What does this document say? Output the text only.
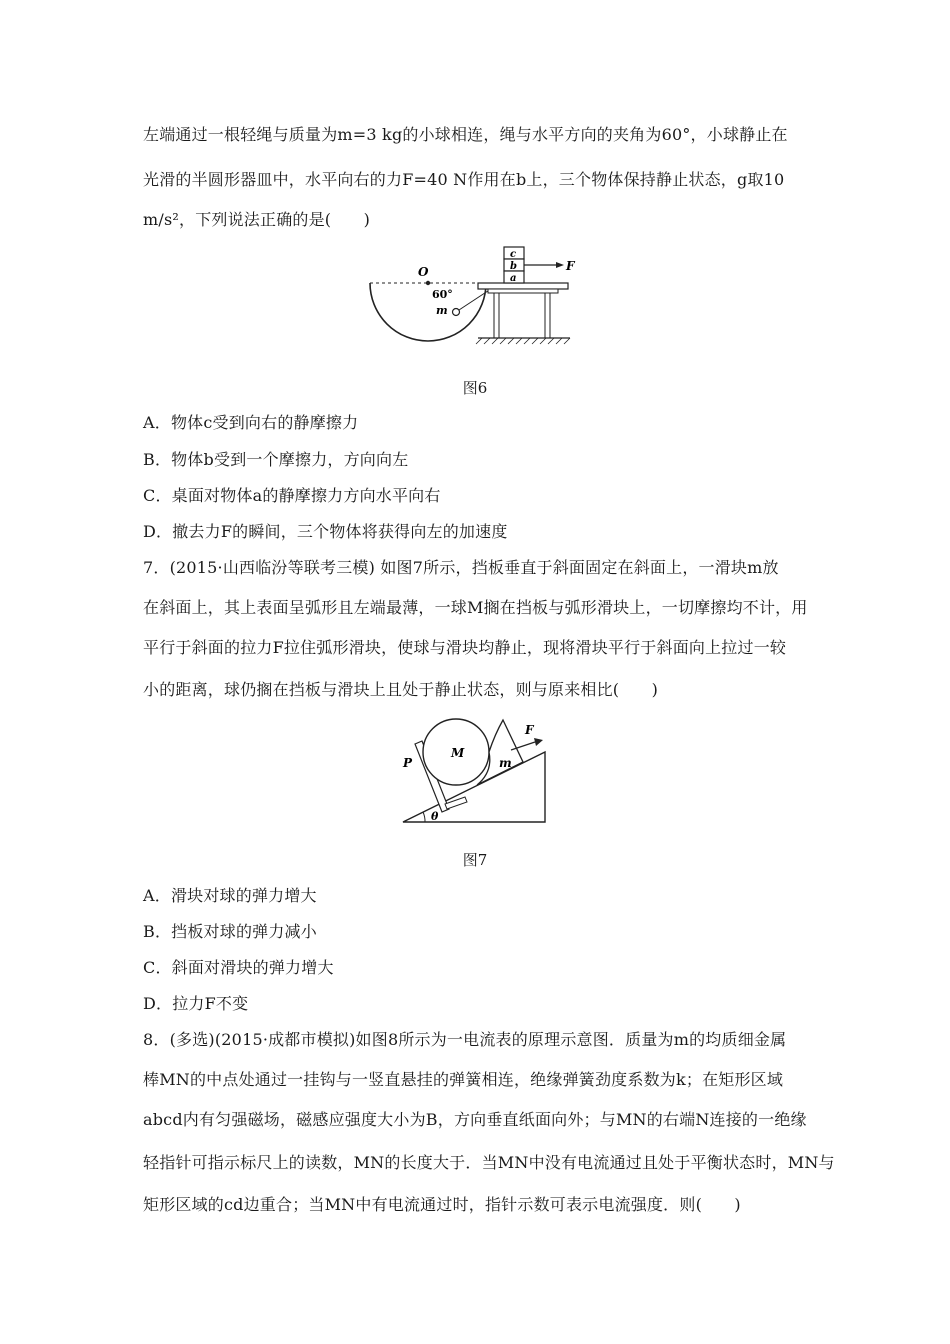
左端通过一根轻绳与质量为m=3 kg的小球相连，绳与水平方向的夹角为60°，小球静止在
光滑的半圆形器皿中，水平向右的力F=40 N作用在b上，三个物体保持静止状态，g取10
m/s²，下列说法正确的是(　　)
O
m
60°
c
b
a
F
图6
A．物体c受到向右的静摩擦力
B．物体b受到一个摩擦力，方向向左
C．桌面对物体a的静摩擦力方向水平向右
D．撤去力F的瞬间，三个物体将获得向左的加速度
7．(2015·山西临汾等联考三模) 如图7所示，挡板垂直于斜面固定在斜面上，一滑块m放
在斜面上，其上表面呈弧形且左端最薄，一球M搁在挡板与弧形滑块上，一切摩擦均不计，用
平行于斜面的拉力F拉住弧形滑块，使球与滑块均静止，现将滑块平行于斜面向上拉过一较
小的距离，球仍搁在挡板与滑块上且处于静止状态，则与原来相比(　　)
θ
P
M
m
F
图7
A．滑块对球的弹力增大
B．挡板对球的弹力减小
C．斜面对滑块的弹力增大
D．拉力F不变
8．(多选)(2015·成都市模拟)如图8所示为一电流表的原理示意图．质量为m的均质细金属
棒MN的中点处通过一挂钩与一竖直悬挂的弹簧相连，绝缘弹簧劲度系数为k；在矩形区域
abcd内有匀强磁场，磁感应强度大小为B，方向垂直纸面向外；与MN的右端N连接的一绝缘
轻指针可指示标尺上的读数，MN的长度大于．当MN中没有电流通过且处于平衡状态时，MN与
矩形区域的cd边重合；当MN中有电流通过时，指针示数可表示电流强度．则(　　)
